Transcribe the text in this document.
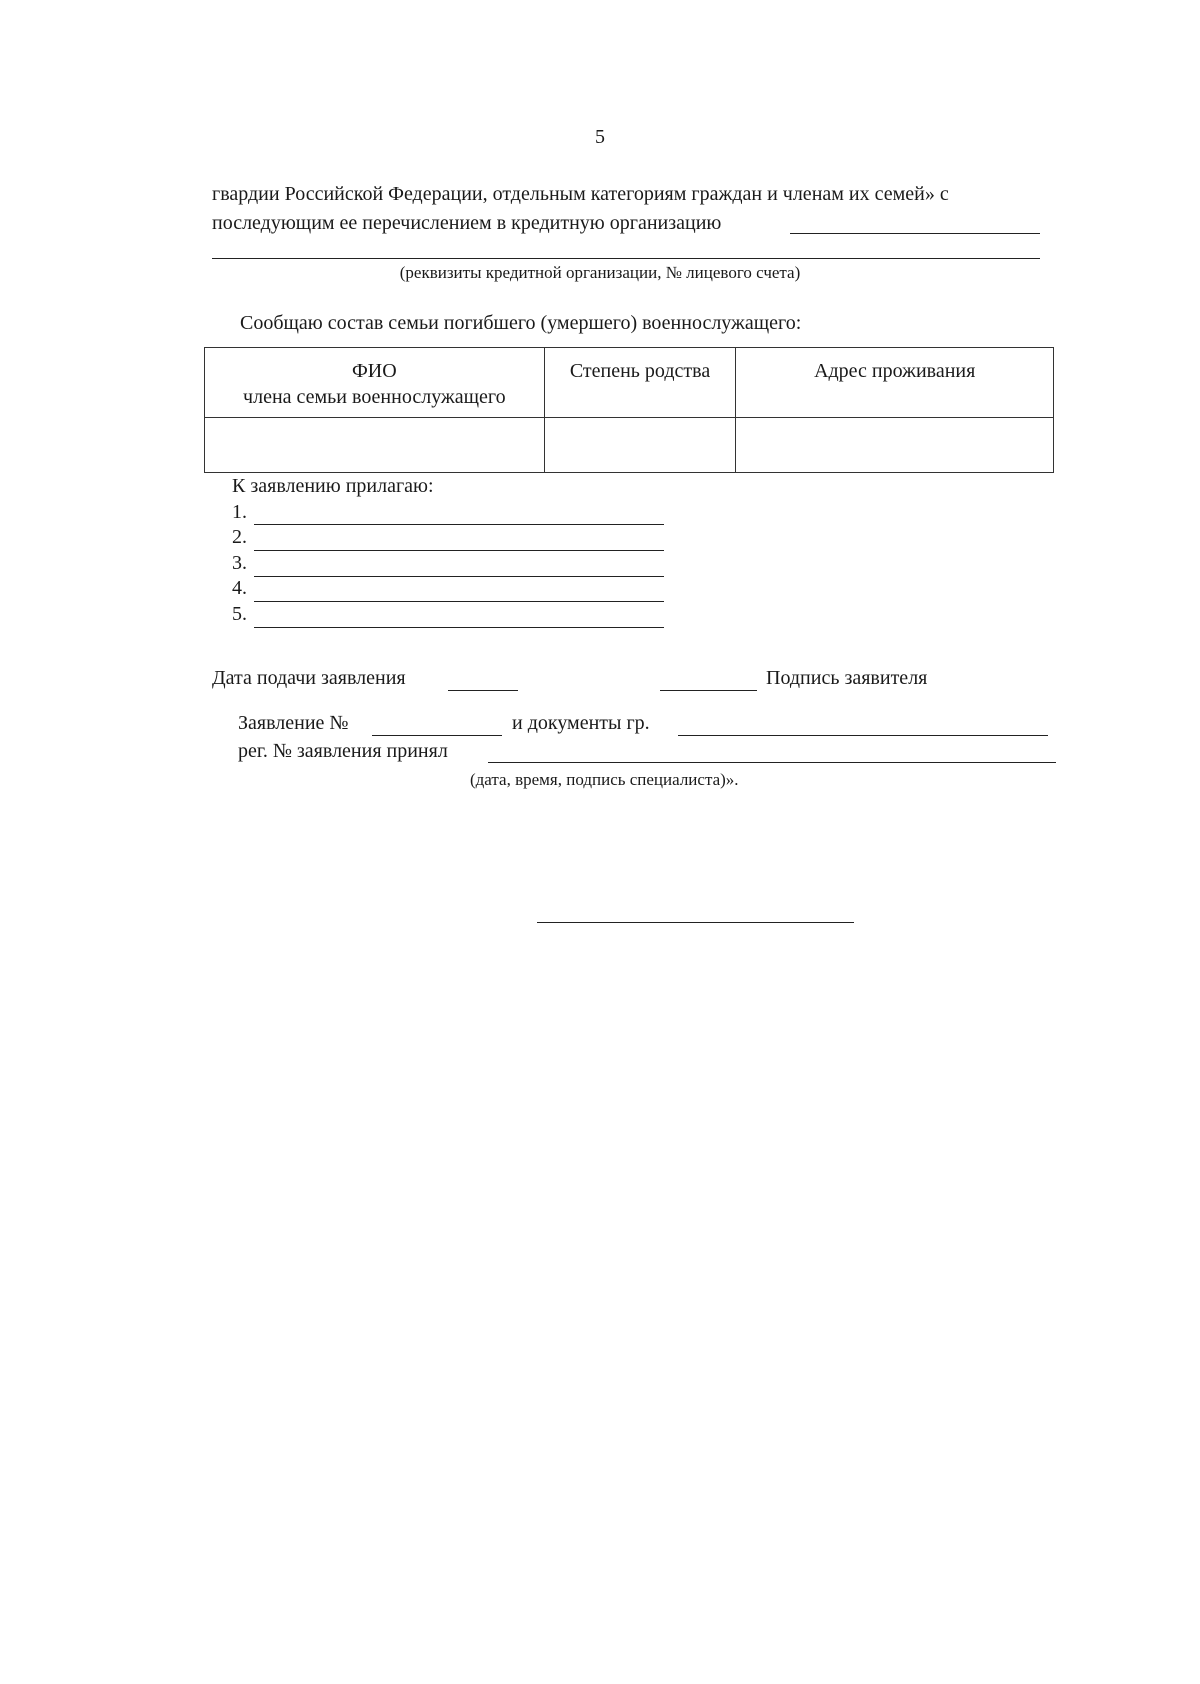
5
гвардии Российской Федерации, отдельным категориям граждан и членам их семей» с
последующим ее перечислением в кредитную организацию
(реквизиты кредитной организации, № лицевого счета)
Сообщаю состав семьи погибшего (умершего) военнослужащего:
ФИО
члена семьи военнослужащего	Степень родства	Адрес проживания

К заявлению прилагаю:
1.
2.
3.
4.
5.
Дата подачи заявления	Подпись заявителя
Заявление №	и документы гр.
рег. № заявления принял
(дата, время, подпись специалиста)».
